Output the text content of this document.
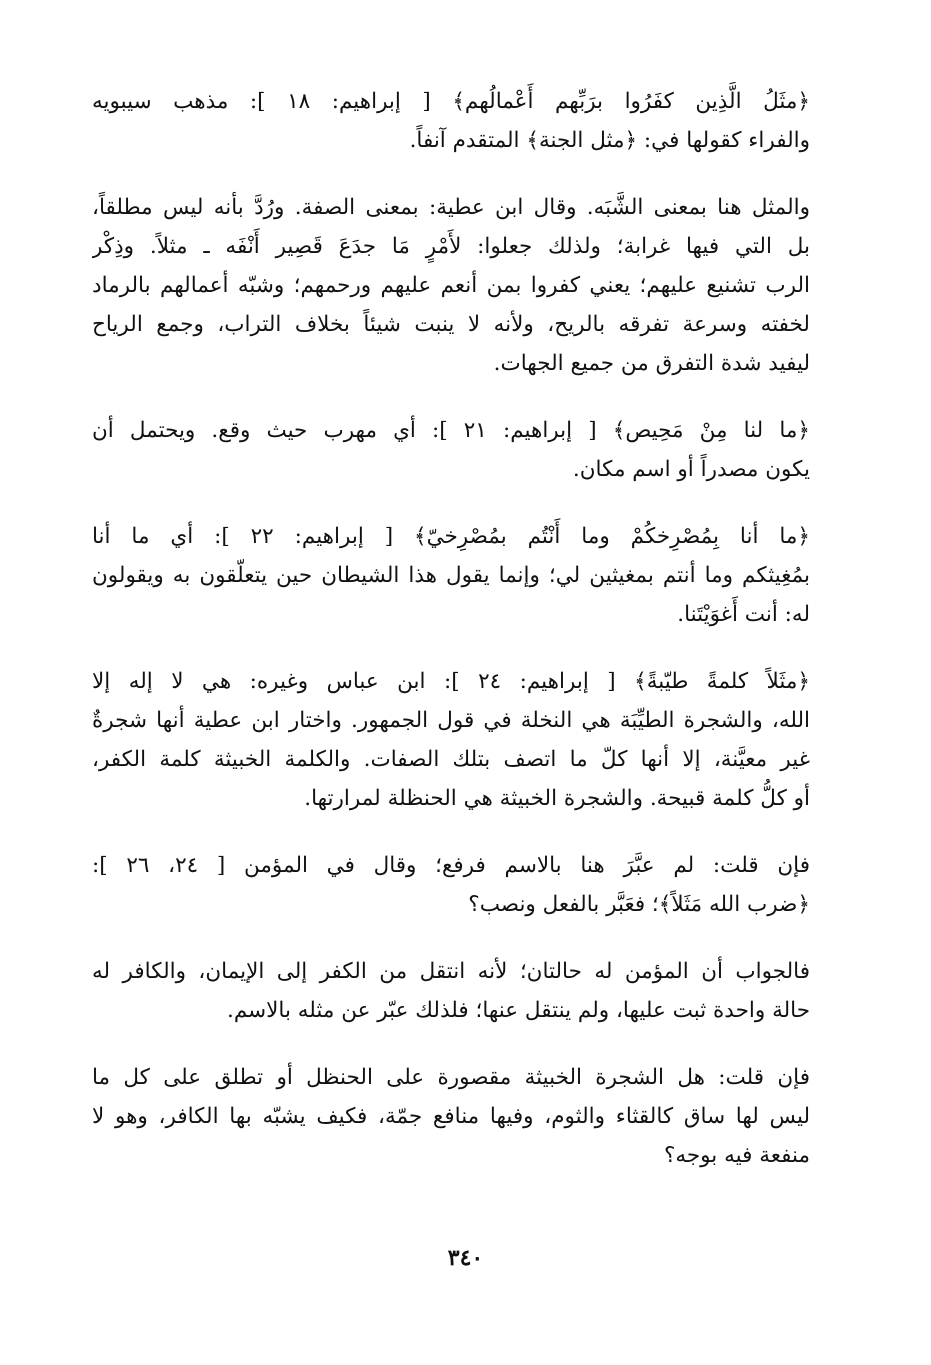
﴿مثَلُ الَّذِين كفَرُوا برَبِّهم أَعْمالُهم﴾ [ إبراهيم: ١٨ ]: مذهب سيبويه
والفراء كقولها في: ﴿مثل الجنة﴾ المتقدم آنفاً.
والمثل هنا بمعنى الشَّبَه. وقال ابن عطية: بمعنى الصفة. ورُدَّ بأنه ليس مطلقاً،
بل التي فيها غرابة؛ ولذلك جعلوا: لأَمْرٍ مَا جدَعَ قَصِير أَنْفَه ـ مثلاً. وذِكْر
الرب تشنيع عليهم؛ يعني كفروا بمن أنعم عليهم ورحمهم؛ وشبّه أعمالهم بالرماد
لخفته وسرعة تفرقه بالريح، ولأنه لا ينبت شيئاً بخلاف التراب، وجمع الرياح
ليفيد شدة التفرق من جميع الجهات.
﴿ما لنا مِنْ مَحِيص﴾ [ إبراهيم: ٢١ ]: أي مهرب حيث وقع. ويحتمل أن
يكون مصدراً أو اسم مكان.
﴿ما أنا بِمُصْرِخكُمْ وما أَنْتُم بمُصْرِخيّ﴾ [ إبراهيم: ٢٢ ]: أي ما أنا
بمُغِيثكم وما أنتم بمغيثين لي؛ وإنما يقول هذا الشيطان حين يتعلّقون به ويقولون
له: أنت أَغوَيْتَنا.
﴿مثَلاً كلمةً طيّبةً﴾ [ إبراهيم: ٢٤ ]: ابن عباس وغيره: هي لا إله إلا
الله، والشجرة الطيِّبَة هي النخلة في قول الجمهور. واختار ابن عطية أنها شجرةٌ
غير معيَّنة، إلا أنها كلّ ما اتصف بتلك الصفات. والكلمة الخبيثة كلمة الكفر،
أو كلُّ كلمة قبيحة. والشجرة الخبيثة هي الحنظلة لمرارتها.
فإن قلت: لم عبَّرَ هنا بالاسم فرفع؛ وقال في المؤمن [ ٢٤، ٢٦ ]:
﴿ضرب الله مَثَلاً﴾؛ فعَبَّر بالفعل ونصب؟
فالجواب أن المؤمن له حالتان؛ لأنه انتقل من الكفر إلى الإيمان، والكافر له
حالة واحدة ثبت عليها، ولم ينتقل عنها؛ فلذلك عبّر عن مثله بالاسم.
فإن قلت: هل الشجرة الخبيثة مقصورة على الحنظل أو تطلق على كل ما
ليس لها ساق كالقثاء والثوم، وفيها منافع جمّة، فكيف يشبّه بها الكافر، وهو لا
منفعة فيه بوجه؟
٣٤٠
